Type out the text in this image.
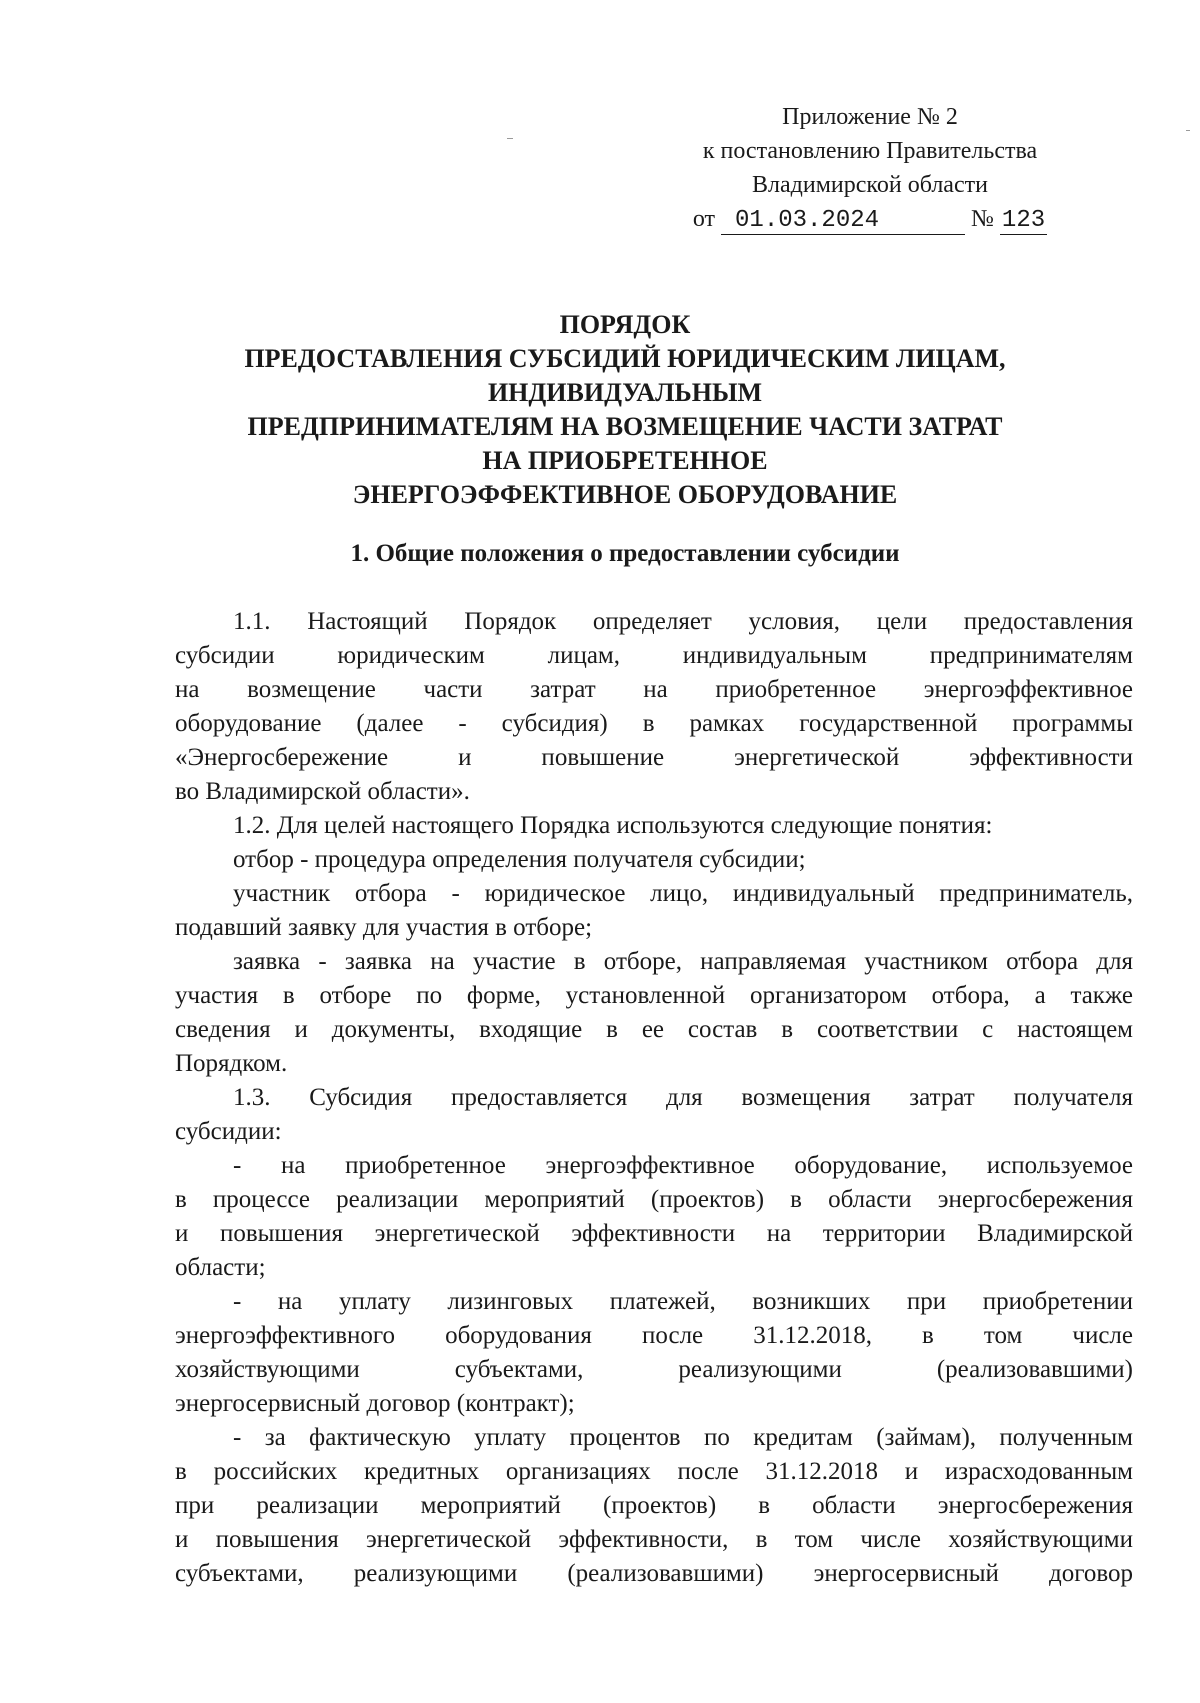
Приложение № 2
к постановлению Правительства
Владимирской области
от 01.03.2024	№ 123
ПОРЯДОК
ПРЕДОСТАВЛЕНИЯ СУБСИДИЙ ЮРИДИЧЕСКИМ ЛИЦАМ,
ИНДИВИДУАЛЬНЫМ
ПРЕДПРИНИМАТЕЛЯМ НА ВОЗМЕЩЕНИЕ ЧАСТИ ЗАТРАТ
НА ПРИОБРЕТЕННОЕ
ЭНЕРГОЭФФЕКТИВНОЕ ОБОРУДОВАНИЕ
1. Общие положения о предоставлении субсидии
1.1. Настоящий Порядок определяет условия, цели предоставления
субсидии юридическим лицам, индивидуальным предпринимателям
на возмещение части затрат на приобретенное энергоэффективное
оборудование (далее - субсидия) в рамках государственной программы
«Энергосбережение и повышение энергетической эффективности
во Владимирской области».
1.2. Для целей настоящего Порядка используются следующие понятия:
отбор - процедура определения получателя субсидии;
участник отбора - юридическое лицо, индивидуальный предприниматель,
подавший заявку для участия в отборе;
заявка - заявка на участие в отборе, направляемая участником отбора для
участия в отборе по форме, установленной организатором отбора, а также
сведения и документы, входящие в ее состав в соответствии с настоящем
Порядком.
1.3. Субсидия предоставляется для возмещения затрат получателя
субсидии:
- на приобретенное энергоэффективное оборудование, используемое
в процессе реализации мероприятий (проектов) в области энергосбережения
и повышения энергетической эффективности на территории Владимирской
области;
- на уплату лизинговых платежей, возникших при приобретении
энергоэффективного оборудования после 31.12.2018, в том числе
хозяйствующими субъектами, реализующими (реализовавшими)
энергосервисный договор (контракт);
- за фактическую уплату процентов по кредитам (займам), полученным
в российских кредитных организациях после 31.12.2018 и израсходованным
при реализации мероприятий (проектов) в области энергосбережения
и повышения энергетической эффективности, в том числе хозяйствующими
субъектами, реализующими (реализовавшими) энергосервисный договор
